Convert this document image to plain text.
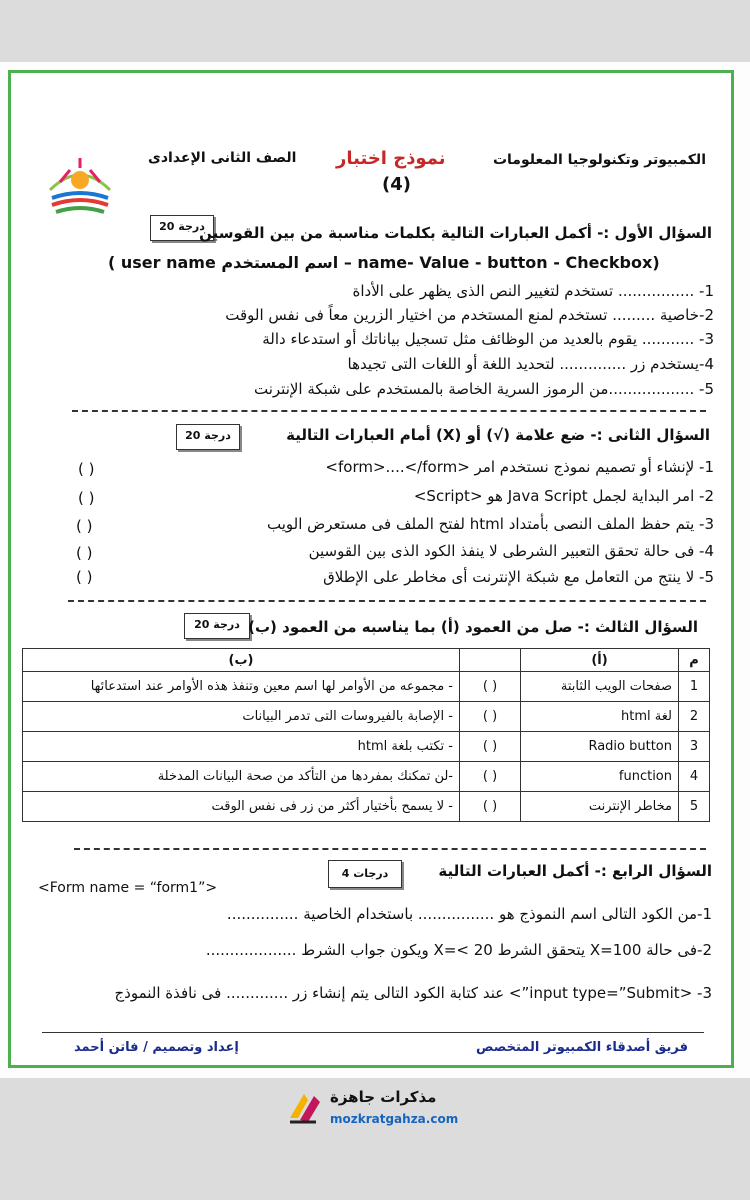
الكمبيوتر وتكنولوجيا المعلومات
نموذج اختبار
(4)
الصف الثانى الإعدادى
20 درجة
السؤال الأول :- أكمل العبارات التالية بكلمات مناسبة من بين القوسين
( user name اسم المستخدم – name- Value - button - Checkbox)
1- ................ تستخدم لتغيير النص الذى يظهر على الأداة
2-خاصية ......... تستخدم لمنع المستخدم من اختيار الزرين معاً فى نفس الوقت
3- ........... يقوم بالعديد من الوظائف مثل تسجيل بياناتك أو استدعاء دالة
4-يستخدم زر .............. لتحديد اللغة أو اللغات التى تجيدها
5- ..................من الرموز السرية الخاصة بالمستخدم على شبكة الإنترنت
20 درجة	السؤال الثانى :- ضع علامة (√) أو (X) أمام العبارات التالية
1- لإنشاء أو تصميم نموذج نستخدم امر <form>....</form>
2- امر البداية لجمل Java Script هو <Script>
3- يتم حفظ الملف النصى بأمتداد html لفتح الملف فى مستعرض الويب
4- فى حالة تحقق التعبير الشرطى لا ينفذ الكود الذى بين القوسين
5- لا ينتج من التعامل مع شبكة الإنترنت أى مخاطر على الإطلاق
( )
( )
( )
( )
( )
20 درجة السؤال الثالث :- صل من العمود (أ) بما يناسبه من العمود (ب)
م	(أ)		(ب)
1	صفحات الويب الثابتة	( )	- مجموعه من الأوامر لها اسم معين وتنفذ هذه الأوامر عند استدعائها
2	لغة html	( )	- الإصابة بالفيروسات التى تدمر البيانات
3	Radio button	( )	- تكتب بلغة html
4	function	( )	-لن تمكنك بمفردها من التأكد من صحة البيانات المدخلة
5	مخاطر الإنترنت	( )	- لا يسمح بأختيار أكثر من زر فى نفس الوقت
4 درجات	السؤال الرابع :- أكمل العبارات التالية
<Form name = “form1”>
1-من الكود التالى اسم النموذج هو ................ باستخدام الخاصية ...............
2-فى حالة X=100 يتحقق الشرط X=< 20 ويكون جواب الشرط ...................
3- <input type=”Submit”> عند كتابة الكود التالى يتم إنشاء زر ............. فى نافذة النموذج
فريق أصدقاء الكمبيوتر المتخصص
إعداد وتصميم / فاتن أحمد
مذكرات جاهزة
mozkratgahza.com
